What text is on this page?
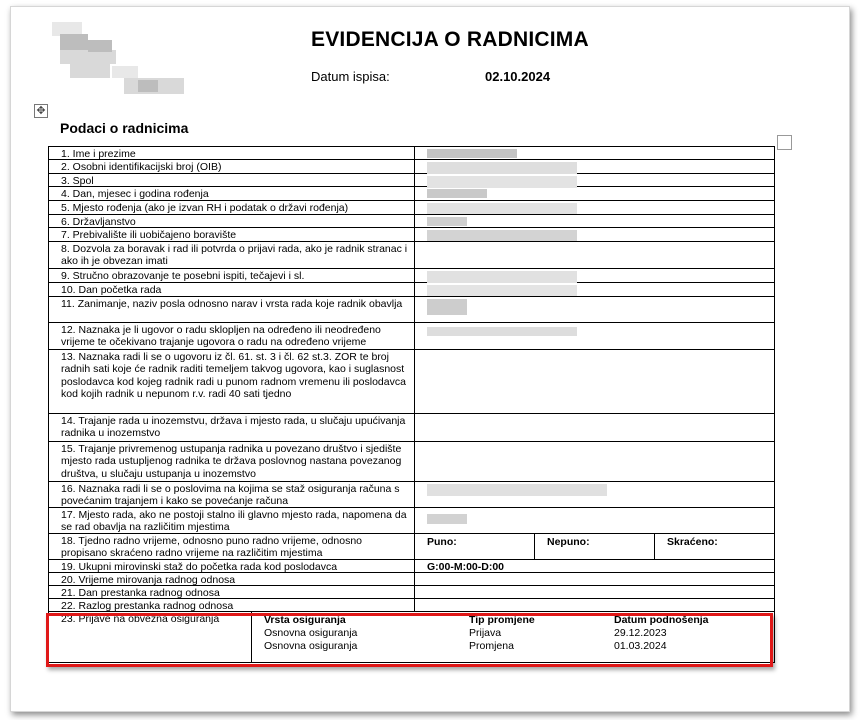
EVIDENCIJA O RADNICIMA
Datum ispisa:	02.10.2024
✥
Podaci o radnicima
1. Ime i prezime
2. Osobni identifikacijski broj (OIB)
3. Spol
4. Dan, mjesec i godina rođenja
5. Mjesto rođenja (ako je izvan RH i podatak o državi rođenja)
6. Državljanstvo
7. Prebivalište ili uobičajeno boravište
8. Dozvola za boravak i rad ili potvrda o prijavi rada, ako je radnik stranac i ako ih je obvezan imati
9. Stručno obrazovanje te posebni ispiti, tečajevi i sl.
10. Dan početka rada
11. Zanimanje, naziv posla odnosno narav i vrsta rada koje radnik obavlja
12. Naznaka je li ugovor o radu sklopljen na određeno ili neodređeno vrijeme te očekivano trajanje ugovora o radu na određeno vrijeme
13. Naznaka radi li se o ugovoru iz čl. 61. st. 3 i čl. 62 st.3. ZOR te broj radnih sati koje će radnik raditi temeljem takvog ugovora, kao i suglasnost poslodavca kod kojeg radnik radi u punom radnom vremenu ili poslodavca kod kojih radnik u nepunom r.v. radi 40 sati tjedno
14. Trajanje rada u inozemstvu, država i mjesto rada, u slučaju upućivanja radnika u inozemstvo
15. Trajanje privremenog ustupanja radnika u povezano društvo i sjedište mjesto rada ustupljenog radnika te država poslovnog nastana povezanog društva, u slučaju ustupanja u inozemstvo
16. Naznaka radi li se o poslovima na kojima se staž osiguranja računa s povećanim trajanjem i kako se povećanje računa
17. Mjesto rada, ako ne postoji stalno ili glavno mjesto rada, napomena da se rad obavlja na različitim mjestima
18. Tjedno radno vrijeme, odnosno puno radno vrijeme, odnosno propisano skraćeno radno vrijeme na različitim mjestima
Puno:	Nepuno:	Skraćeno:
19. Ukupni mirovinski staž do početka rada kod poslodavca	G:00-M:00-D:00
20. Vrijeme mirovanja radnog odnosa
21. Dan prestanka radnog odnosa
22. Razlog prestanka radnog odnosa
23. Prijave na obvezna osiguranja	Vrsta osiguranja	Tip promjene	Datum podnošenja
Osnovna osiguranja	Prijava	29.12.2023
Osnovna osiguranja	Promjena	01.03.2024
